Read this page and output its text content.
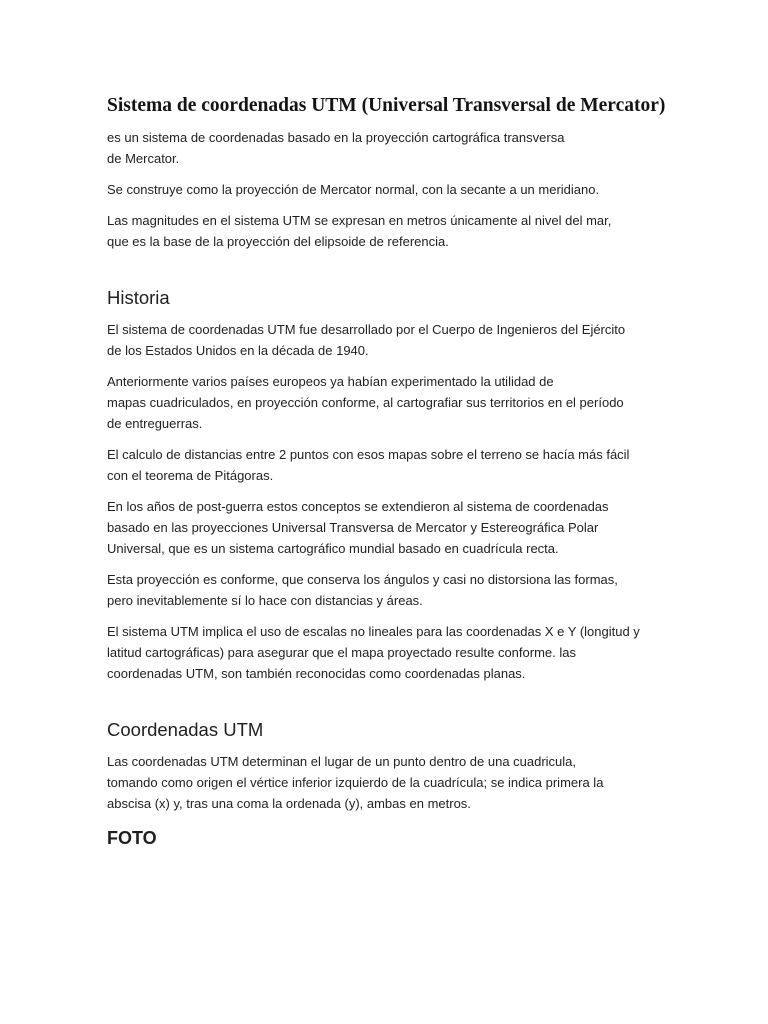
Sistema de coordenadas UTM (Universal Transversal de Mercator)

es un sistema de coordenadas basado en la proyección cartográfica transversa
de Mercator.

Se construye como la proyección de Mercator normal, con la secante a un meridiano.

Las magnitudes en el sistema UTM se expresan en metros únicamente al nivel del mar,
que es la base de la proyección del elipsoide de referencia.

Historia

El sistema de coordenadas UTM fue desarrollado por el Cuerpo de Ingenieros del Ejército
de los Estados Unidos en la década de 1940.

Anteriormente varios países europeos ya habían experimentado la utilidad de
mapas cuadriculados, en proyección conforme, al cartografiar sus territorios en el período
de entreguerras.

El calculo de distancias entre 2 puntos con esos mapas sobre el terreno se hacía más fácil
con el teorema de Pitágoras.

En los años de post-guerra estos conceptos se extendieron al sistema de coordenadas
basado en las proyecciones Universal Transversa de Mercator y Estereográfica Polar
Universal, que es un sistema cartográfico mundial basado en cuadrícula recta.

Esta proyección es conforme, que conserva los ángulos y casi no distorsiona las formas,
pero inevitablemente sí lo hace con distancias y áreas.

El sistema UTM implica el uso de escalas no lineales para las coordenadas X e Y (longitud y
latitud cartográficas) para asegurar que el mapa proyectado resulte conforme. las
coordenadas UTM, son también reconocidas como coordenadas planas.

Coordenadas UTM

Las coordenadas UTM determinan el lugar de un punto dentro de una cuadricula,
tomando como origen el vértice inferior izquierdo de la cuadrícula; se indica primera la
abscisa (x) y, tras una coma la ordenada (y), ambas en metros.

FOTO
